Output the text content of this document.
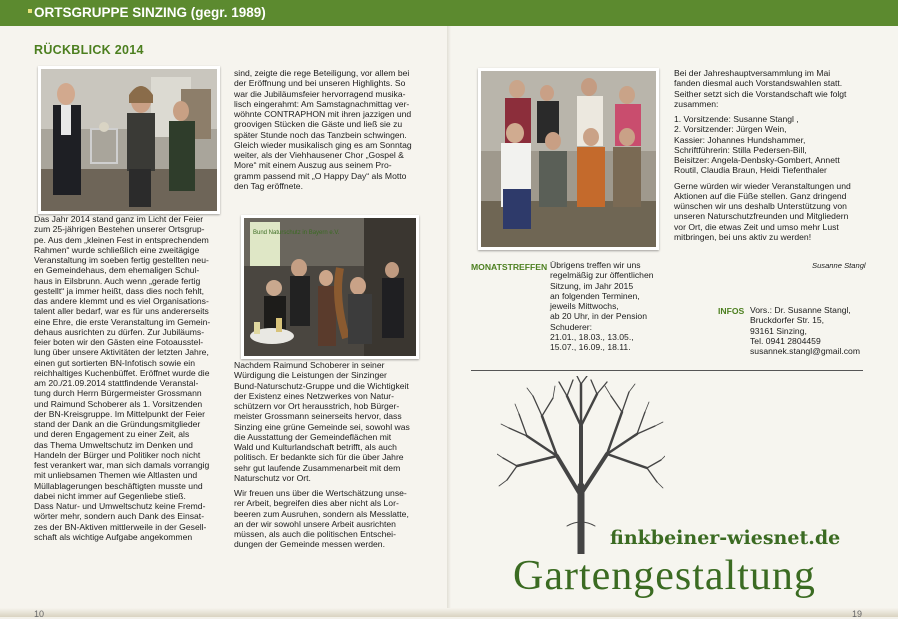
ORTSGRUPPE SINZING (gegr. 1989)
RÜCKBLICK 2014
Das Jahr 2014 stand ganz im Licht der Feier
zum 25-jährigen Bestehen unserer Ortsgrup-
pe. Aus dem „kleinen Fest in entsprechendem
Rahmen“ wurde schließlich eine zweitägige
Veranstaltung im soeben fertig gestellten neu-
en Gemeindehaus, dem ehemaligen Schul-
haus in Eilsbrunn. Auch wenn „gerade fertig
gestellt“ ja immer heißt, dass dies noch fehlt,
das andere klemmt und es viel Organisations-
talent aller bedarf, war es für uns andererseits
eine Ehre, die erste Veranstaltung im Gemein-
dehaus ausrichten zu dürfen. Zur Jubiläums-
feier boten wir den Gästen eine Fotoausstel-
lung über unsere Aktivitäten der letzten Jahre,
einen gut sortierten BN-Infotisch sowie ein
reichhaltiges Kuchenbüffet. Eröffnet wurde die
am 20./21.09.2014 stattfindende Veranstal-
tung durch Herrn Bürgermeister Grossmann
und Raimund Schoberer als 1. Vorsitzenden
der BN-Kreisgruppe. Im Mittelpunkt der Feier
stand der Dank an die Gründungsmitglieder
und deren Engagement zu einer Zeit, als
das Thema Umweltschutz im Denken und
Handeln der Bürger und Politiker noch nicht
fest verankert war, man sich damals vorrangig
mit unliebsamen Themen wie Altlasten und
Müllablagerungen beschäftigten musste und
dabei nicht immer auf Gegenliebe stieß.
Dass Natur- und Umweltschutz keine Fremd-
wörter mehr, sondern auch Dank des Einsat-
zes der BN-Aktiven mittlerweile in der Gesell-
schaft als wichtige Aufgabe angekommen
sind, zeigte die rege Beteiligung, vor allem bei
der Eröffnung und bei unseren Highlights. So
war die Jubiläumsfeier hervorragend musika-
lisch eingerahmt: Am Samstagnachmittag ver-
wöhnte CONTRAPHON mit ihren jazzigen und
groovigen Stücken die Gäste und ließ sie zu
später Stunde noch das Tanzbein schwingen.
Gleich wieder musikalisch ging es am Sonntag
weiter, als der Viehhausener Chor „Gospel &
More“ mit einem Auszug aus seinem Pro-
gramm passend mit „O Happy Day“ als Motto
den Tag eröffnete.
Bund Naturschutz in Bayern e.V.
Nachdem Raimund Schoberer in seiner
Würdigung die Leistungen der Sinzinger
Bund-Naturschutz-Gruppe und die Wichtigkeit
der Existenz eines Netzwerkes von Natur-
schützern vor Ort herausstrich, hob Bürger-
meister Grossmann seinerseits hervor, dass
Sinzing eine grüne Gemeinde sei, sowohl was
die Ausstattung der Gemeindeflächen mit
Wald und Kulturlandschaft betrifft, als auch
politisch. Er bedankte sich für die über Jahre
sehr gut laufende Zusammenarbeit mit dem
Naturschutz vor Ort.
Wir freuen uns über die Wertschätzung unse-
rer Arbeit, begreifen dies aber nicht als Lor-
beeren zum Ausruhen, sondern als Messlatte,
an der wir sowohl unsere Arbeit ausrichten
müssen, als auch die politischen Entschei-
dungen der Gemeinde messen werden.
Bei der Jahreshauptversammlung im Mai
fanden diesmal auch Vorstandswahlen statt.
Seither setzt sich die Vorstandschaft wie folgt
zusammen:
1. Vorsitzende: Susanne Stangl ,
2. Vorsitzender: Jürgen Wein,
Kassier: Johannes Hundshammer,
Schriftführerin: Stilla Pedersen-Bill,
Beisitzer: Angela-Denbsky-Gombert, Annett
Routil, Claudia Braun, Heidi Tiefenthaler
Gerne würden wir wieder Veranstaltungen und
Aktionen auf die Füße stellen. Ganz dringend
wünschen wir uns deshalb Unterstützung von
unseren Naturschutzfreunden und Mitgliedern
vor Ort, die etwas Zeit und umso mehr Lust
mitbringen, bei uns aktiv zu werden!
Susanne Stangl
MONATSTREFFEN Übrigens treffen wir uns
regelmäßig zur öffentlichen
Sitzung, im Jahr 2015
an folgenden Terminen,
jeweils Mittwochs,
ab 20 Uhr, in der Pension
Schuderer:
21.01., 18.03., 13.05.,
15.07., 16.09., 18.11.
INFOS Vors.: Dr. Susanne Stangl,
Bruckdorfer Str. 15,
93161 Sinzing,
Tel. 0941 2804459
susannek.stangl@gmail.com
finkbeiner-wiesnet.de
Gartengestaltung
10	19
